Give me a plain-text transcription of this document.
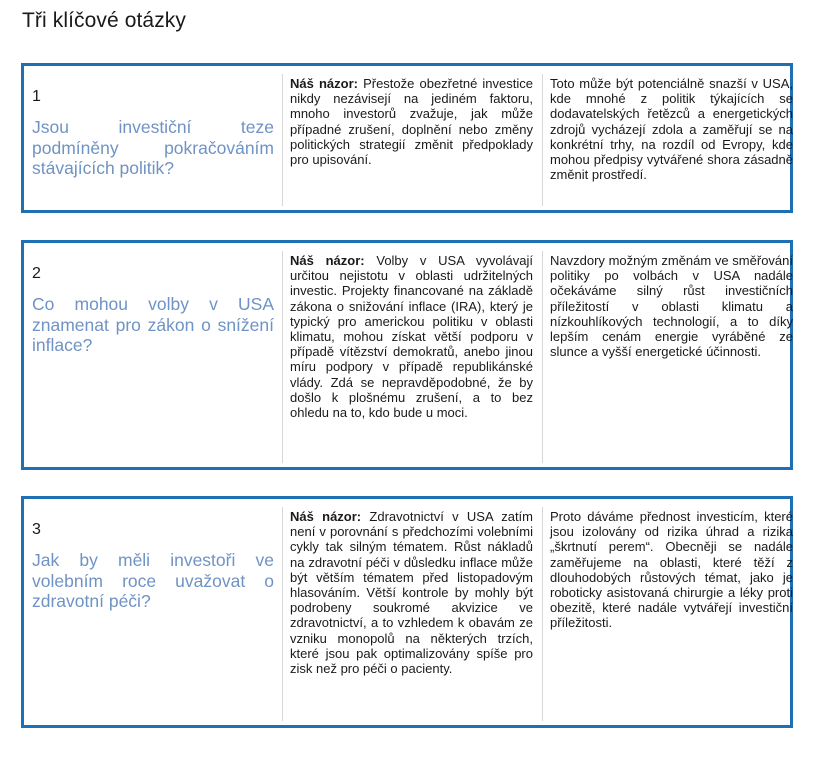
Tři klíčové otázky
1
Jsou investiční teze podmíněny pokračováním stávajících politik?
Náš názor: Přestože obezřetné investice nikdy nezávisejí na jediném faktoru, mnoho investorů zvažuje, jak může případné zrušení, doplnění nebo změny politických strategií změnit předpoklady pro upisování.
Toto může být potenciálně snazší v USA, kde mnohé z politik týkajících se dodavatelských řetězců a energetických zdrojů vycházejí zdola a zaměřují se na konkrétní trhy, na rozdíl od Evropy, kde mohou předpisy vytvářené shora zásadně změnit prostředí.
2
Co mohou volby v USA znamenat pro zákon o snížení inflace?
Náš názor: Volby v USA vyvolávají určitou nejistotu v oblasti udržitelných investic. Projekty financované na základě zákona o snižování inflace (IRA), který je typický pro americkou politiku v oblasti klimatu, mohou získat větší podporu v případě vítězství demokratů, anebo jinou míru podpory v případě republikánské vlády. Zdá se nepravděpodobné, že by došlo k plošnému zrušení, a to bez ohledu na to, kdo bude u moci.
Navzdory možným změnám ve směřování politiky po volbách v USA nadále očekáváme silný růst investičních příležitostí v oblasti klimatu a nízkouhlíkových technologií, a to díky lepším cenám energie vyráběné ze slunce a vyšší energetické účinnosti.
3
Jak by měli investoři ve volebním roce uvažovat o zdravotní péči?
Náš názor: Zdravotnictví v USA zatím není v porovnání s předchozími volebními cykly tak silným tématem. Růst nákladů na zdravotní péči v důsledku inflace může být větším tématem před listopadovým hlasováním. Větší kontrole by mohly být podrobeny soukromé akvizice ve zdravotnictví, a to vzhledem k obavám ze vzniku monopolů na některých trzích, které jsou pak optimalizovány spíše pro zisk než pro péči o pacienty.
Proto dáváme přednost investicím, které jsou izolovány od rizika úhrad a rizika „škrtnutí perem“. Obecněji se nadále zaměřujeme na oblasti, které těží z dlouhodobých růstových témat, jako je roboticky asistovaná chirurgie a léky proti obezitě, které nadále vytvářejí investiční příležitosti.
